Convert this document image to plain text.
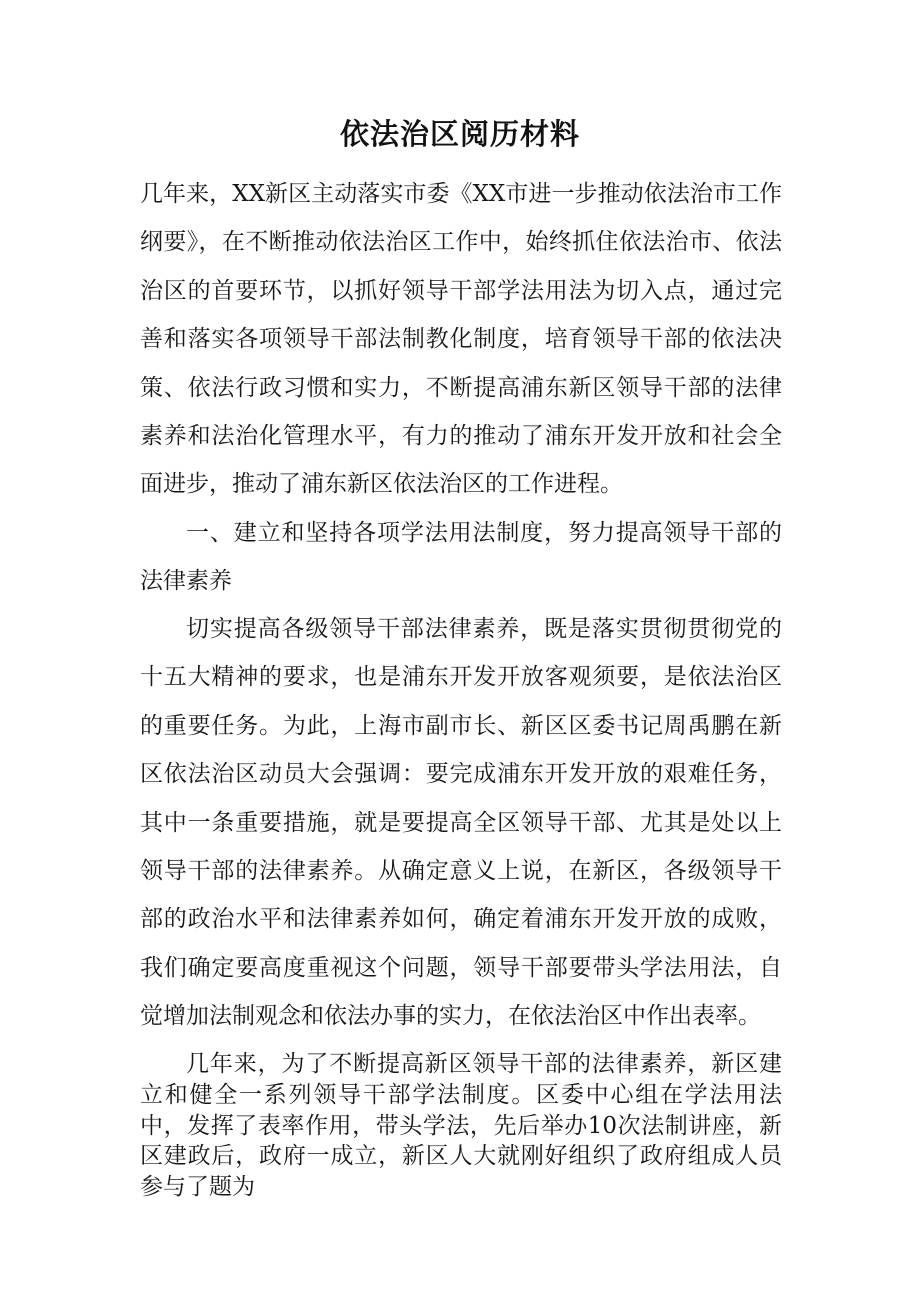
依法治区阅历材料

几年来，XX新区主动落实市委《XX市进一步推动依法治市工作纲要》，在不断推动依法治区工作中，始终抓住依法治市、依法治区的首要环节，以抓好领导干部学法用法为切入点，通过完善和落实各项领导干部法制教化制度，培育领导干部的依法决策、依法行政习惯和实力，不断提高浦东新区领导干部的法律素养和法治化管理水平，有力的推动了浦东开发开放和社会全面进步，推动了浦东新区依法治区的工作进程。

一、建立和坚持各项学法用法制度，努力提高领导干部的法律素养

切实提高各级领导干部法律素养，既是落实贯彻贯彻党的十五大精神的要求，也是浦东开发开放客观须要，是依法治区的重要任务。为此，上海市副市长、新区区委书记周禹鹏在新区依法治区动员大会强调：要完成浦东开发开放的艰难任务，其中一条重要措施，就是要提高全区领导干部、尤其是处以上领导干部的法律素养。从确定意义上说，在新区，各级领导干部的政治水平和法律素养如何，确定着浦东开发开放的成败，我们确定要高度重视这个问题，领导干部要带头学法用法，自觉增加法制观念和依法办事的实力，在依法治区中作出表率。

几年来，为了不断提高新区领导干部的法律素养，新区建立和健全一系列领导干部学法制度。区委中心组在学法用法中，发挥了表率作用，带头学法，先后举办10次法制讲座，新区建政后，政府一成立，新区人大就刚好组织了政府组成人员参与了题为
